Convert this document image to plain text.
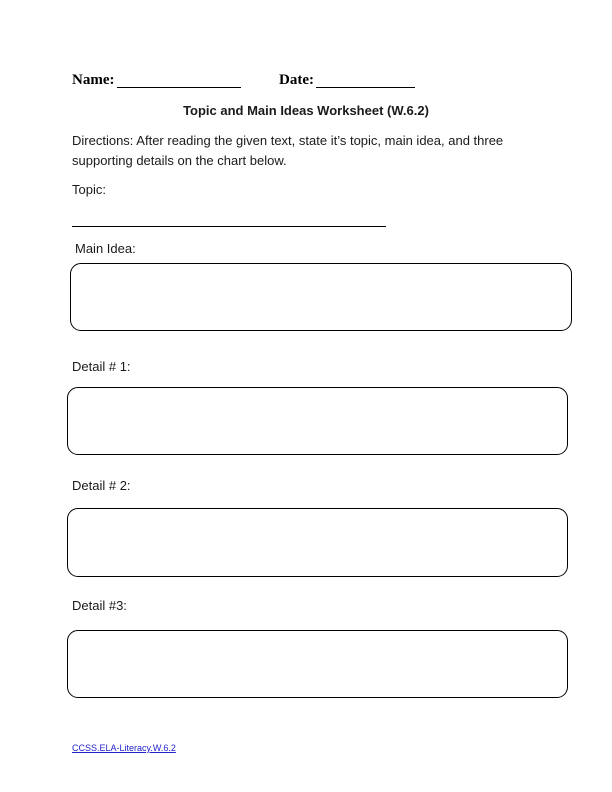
Name:	Date:
Topic and Main Ideas Worksheet (W.6.2)
Directions: After reading the given text, state it’s topic, main idea, and three supporting details on the chart below.
Topic:
Main Idea:
Detail # 1:
Detail # 2:
Detail #3:
CCSS.ELA-Literacy.W.6.2
